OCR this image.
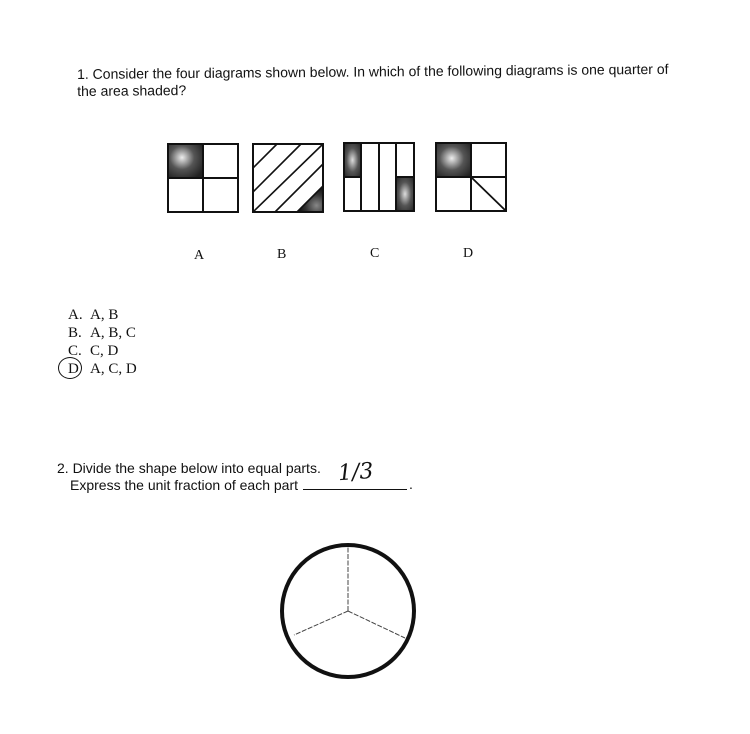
1. Consider the four diagrams shown below. In which of the following diagrams is one quarter of the area shaded?
A	B	C	D
A. A, B
B. A, B, C
C. C, D
D A, C, D
2. Divide the shape below into equal parts.
Express the unit fraction of each part	1/3 .
